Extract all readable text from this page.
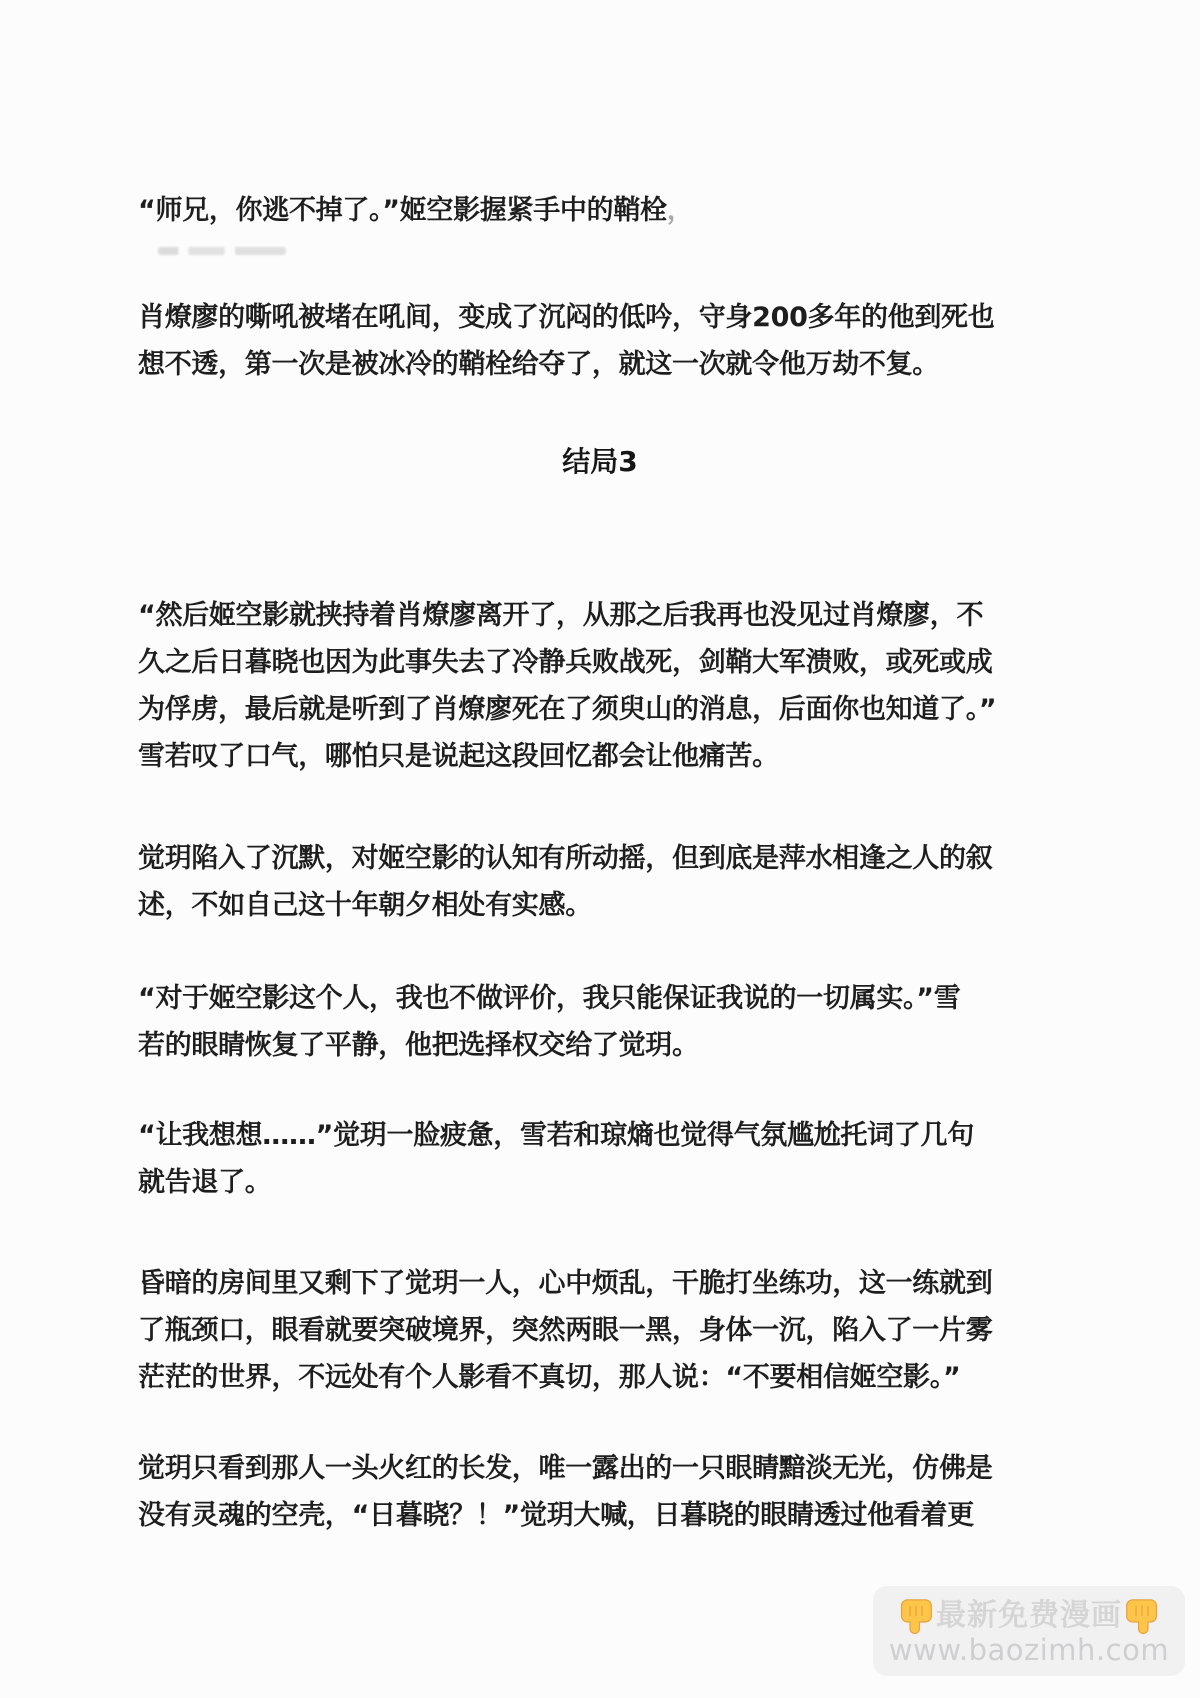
“师兄，你逃不掉了。”姬空影握紧手中的鞘栓，

肖燎廖的嘶吼被堵在吼间，变成了沉闷的低吟，守身200多年的他到死也
想不透，第一次是被冰冷的鞘栓给夺了，就这一次就令他万劫不复。

结局3

“然后姬空影就挟持着肖燎廖离开了，从那之后我再也没见过肖燎廖，不
久之后日暮晓也因为此事失去了冷静兵败战死，剑鞘大军溃败，或死或成
为俘虏，最后就是听到了肖燎廖死在了须臾山的消息，后面你也知道了。”
雪若叹了口气，哪怕只是说起这段回忆都会让他痛苦。

觉玥陷入了沉默，对姬空影的认知有所动摇，但到底是萍水相逢之人的叙
述，不如自己这十年朝夕相处有实感。

“对于姬空影这个人，我也不做评价，我只能保证我说的一切属实。”雪
若的眼睛恢复了平静，他把选择权交给了觉玥。

“让我想想……”觉玥一脸疲惫，雪若和琼熵也觉得气氛尴尬托词了几句
就告退了。

昏暗的房间里又剩下了觉玥一人，心中烦乱，干脆打坐练功，这一练就到
了瓶颈口，眼看就要突破境界，突然两眼一黑，身体一沉，陷入了一片雾
茫茫的世界，不远处有个人影看不真切，那人说：“不要相信姬空影。”

觉玥只看到那人一头火红的长发，唯一露出的一只眼睛黯淡无光，仿佛是
没有灵魂的空壳，“日暮晓？！”觉玥大喊，日暮晓的眼睛透过他看着更

最新免费漫画
www.baozimh.com
